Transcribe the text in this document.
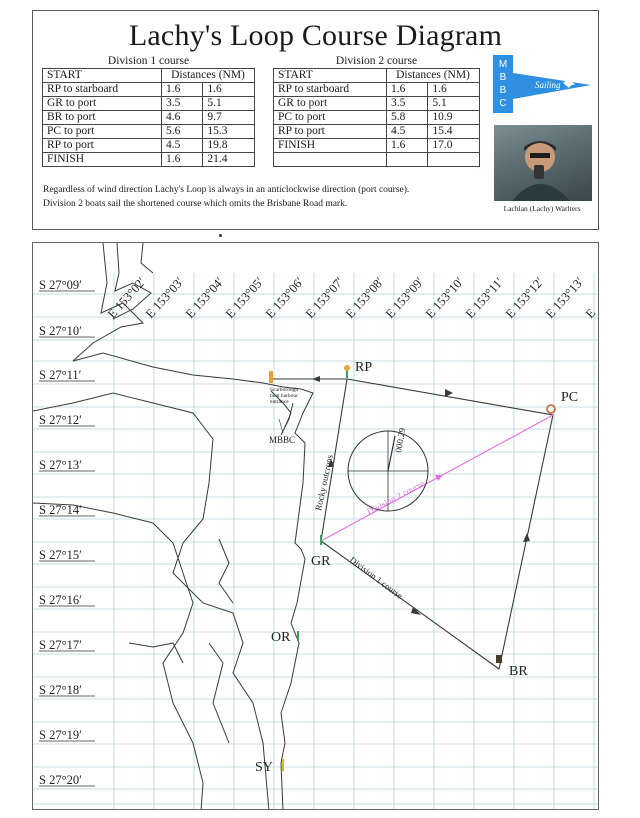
Lachy's Loop Course Diagram
Division 1 course		
START	Distances (NM)	
RP to starboard	1.6	1.6
GR to port	3.5	5.1
BR to port	4.6	9.7
PC to port	5.6	15.3
RP to port	4.5	19.8
FINISH	1.6	21.4
Division 2 course		
START	Distances (NM)	
RP to starboard	1.6	1.6
GR to port	3.5	5.1
PC to port	5.8	10.9
RP to port	4.5	15.4
FINISH	1.6	17.0

Regardless of wind direction Lachy's Loop is always in an anticlockwise direction (port course).
Division 2 boats sail the shortened course which omits the Brisbane Road mark.
M
B
B
C
Sailing
Lachlan (Lachy) Warlters
S 27°09′
S 27°10′
S 27°11′
S 27°12′
S 27°13′
S 27°14′
S 27°15′
S 27°16′
S 27°17′
S 27°18′
S 27°19′
S 27°20′
E 153°02′
E 153°03′
E 153°04′
E 153°05′
E 153°06′
E 153°07′
E 153°08′
E 153°09′
E 153°10′
E 153°11′
E 153°12′
E 153°13′
E
000.29
RP
PC
GR
BR
OR
SY
Scarborough
boat harbour
entrance
MBBC
Rocky outcrops
Division 1 course
Division 2 course
